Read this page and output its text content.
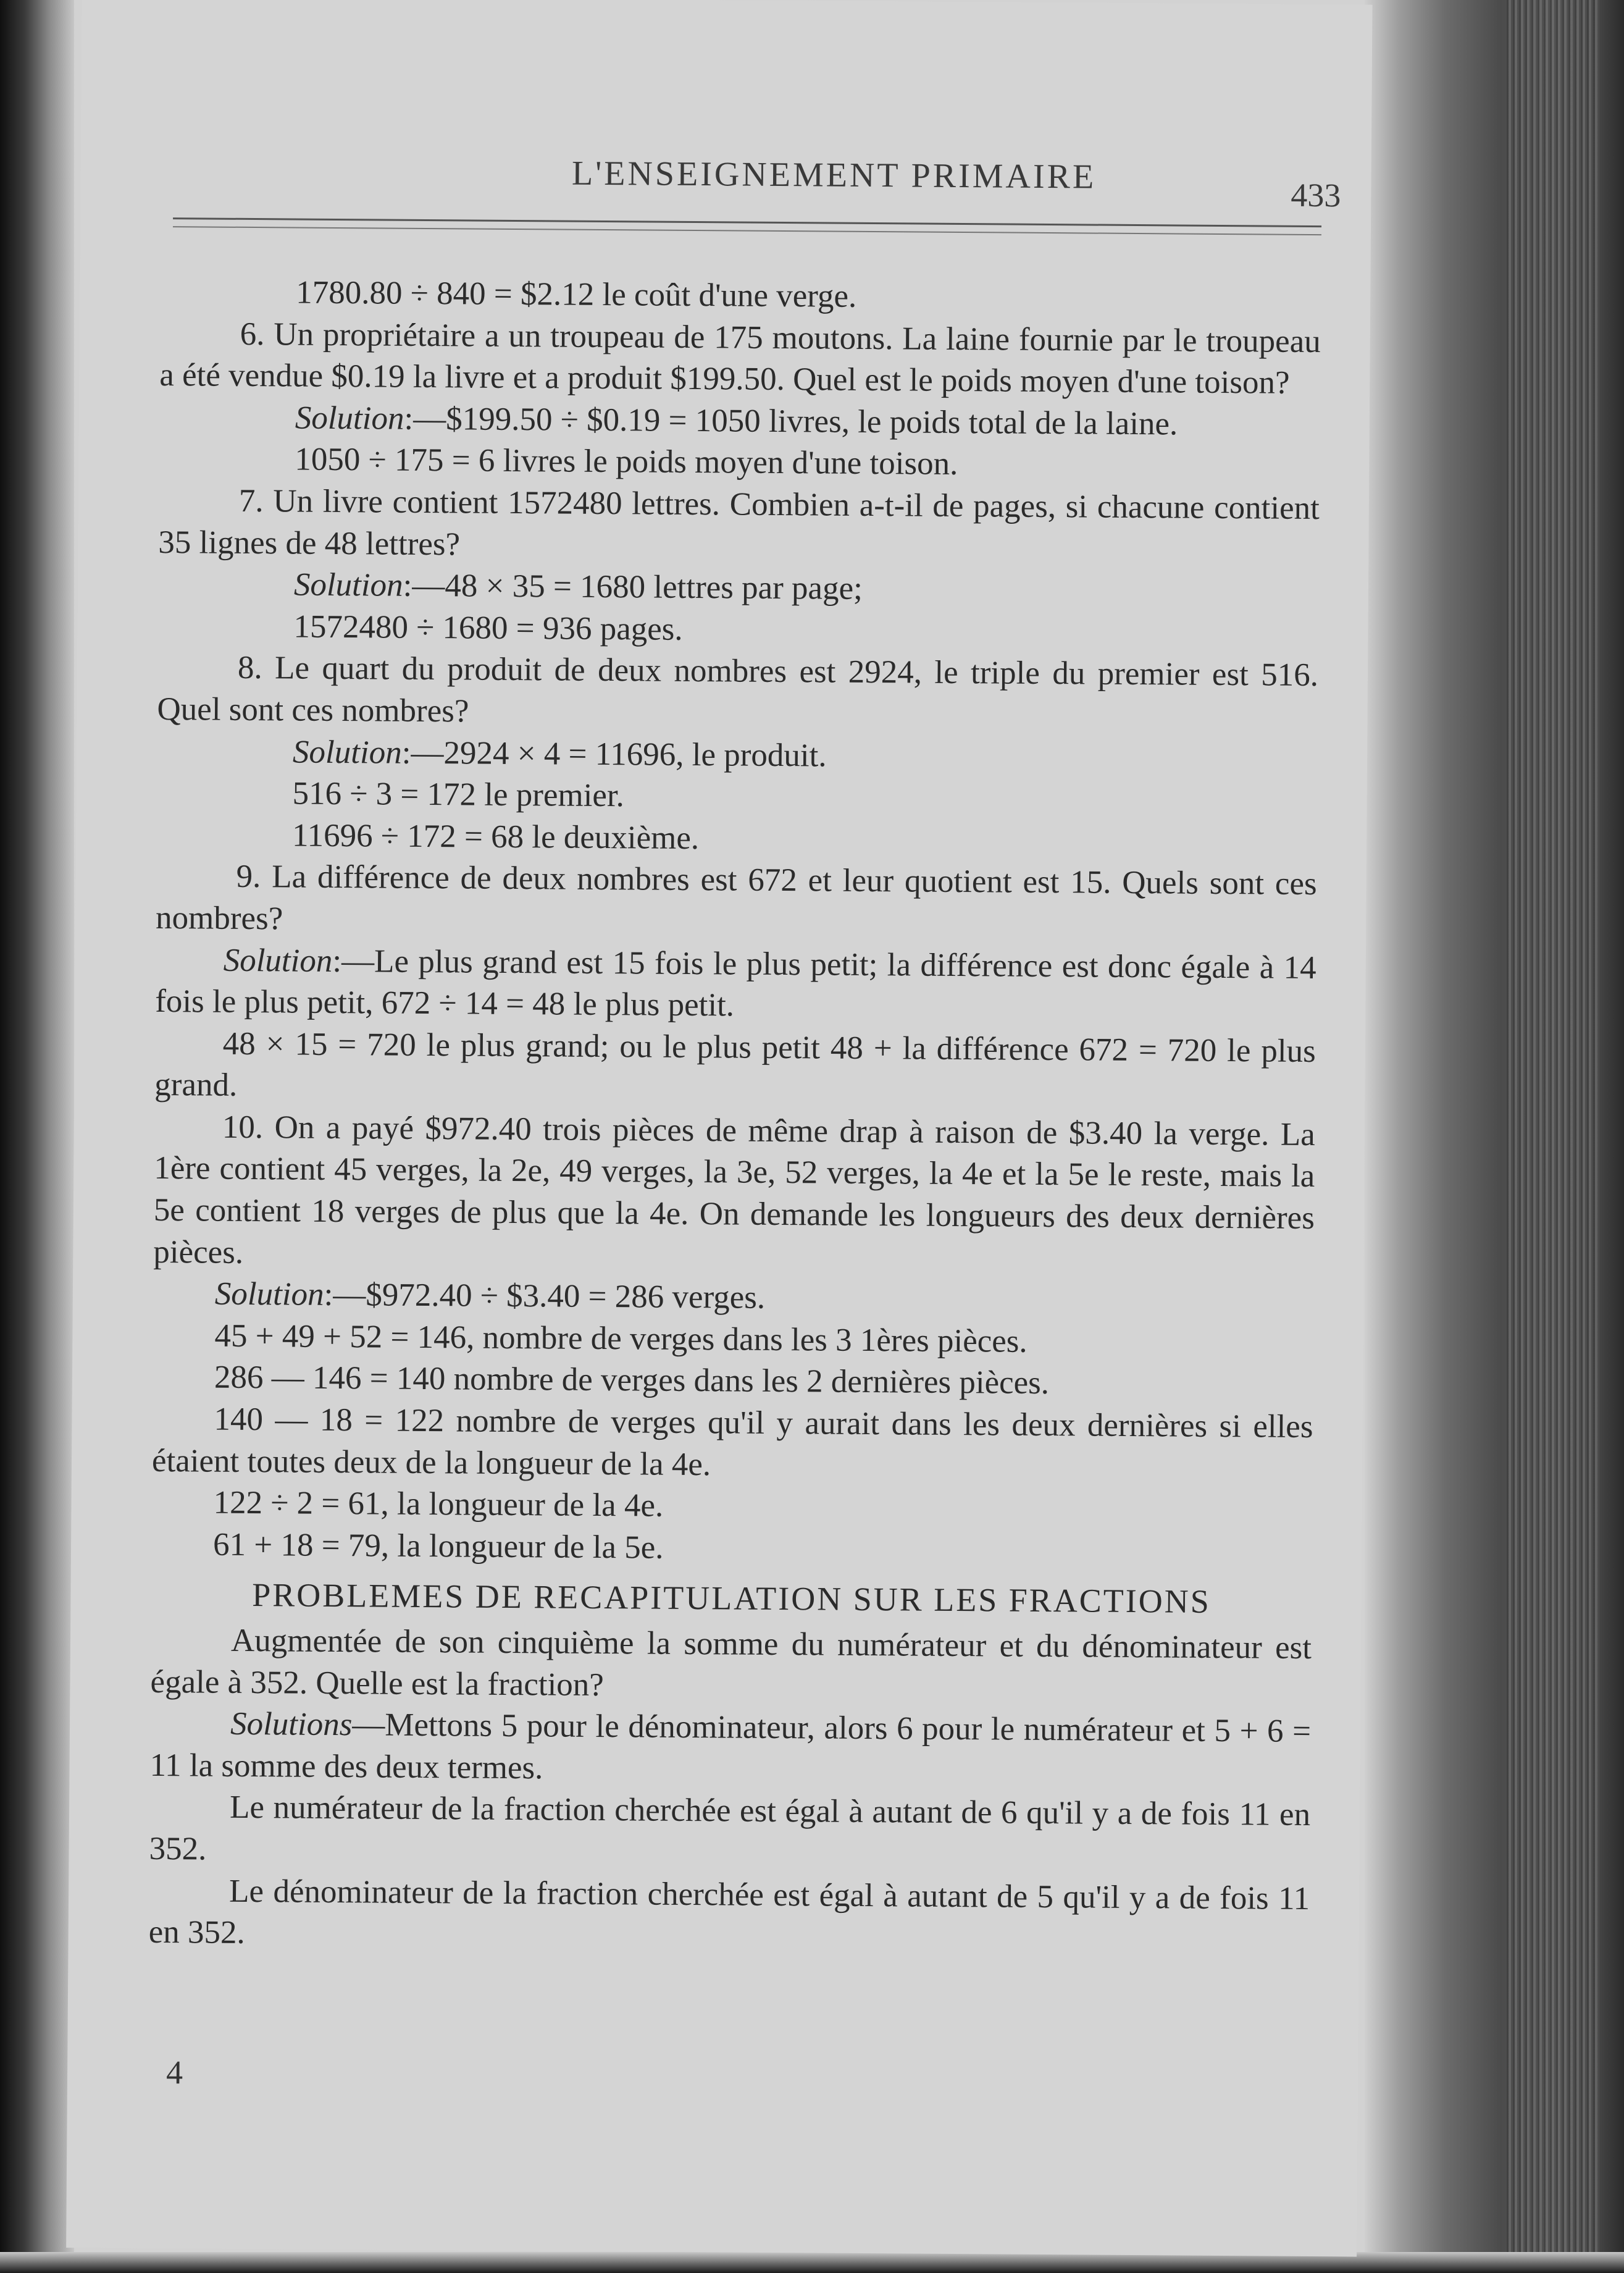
L'ENSEIGNEMENT PRIMAIRE	433

1780.80 ÷ 840 = $2.12 le coût d'une verge.

6. Un propriétaire a un troupeau de 175 moutons. La laine fournie par le troupeau a été vendue $0.19 la livre et a produit $199.50. Quel est le poids moyen d'une toison?

Solution:—$199.50 ÷ $0.19 = 1050 livres, le poids total de la laine.

1050 ÷ 175 = 6 livres le poids moyen d'une toison.

7. Un livre contient 1572480 lettres. Combien a-t-il de pages, si chacune contient 35 lignes de 48 lettres?

Solution:—48 × 35 = 1680 lettres par page;

1572480 ÷ 1680 = 936 pages.

8. Le quart du produit de deux nombres est 2924, le triple du premier est 516. Quel sont ces nombres?

Solution:—2924 × 4 = 11696, le produit.

516 ÷ 3 = 172 le premier.

11696 ÷ 172 = 68 le deuxième.

9. La différence de deux nombres est 672 et leur quotient est 15. Quels sont ces nombres?

Solution:—Le plus grand est 15 fois le plus petit; la différence est donc égale à 14 fois le plus petit, 672 ÷ 14 = 48 le plus petit.

48 × 15 = 720 le plus grand; ou le plus petit 48 + la différence 672 = 720 le plus grand.

10. On a payé $972.40 trois pièces de même drap à raison de $3.40 la verge. La 1ère contient 45 verges, la 2e, 49 verges, la 3e, 52 verges, la 4e et la 5e le reste, mais la 5e contient 18 verges de plus que la 4e. On demande les longueurs des deux dernières pièces.

Solution:—$972.40 ÷ $3.40 = 286 verges.

45 + 49 + 52 = 146, nombre de verges dans les 3 1ères pièces.

286 — 146 = 140 nombre de verges dans les 2 dernières pièces.

140 — 18 = 122 nombre de verges qu'il y aurait dans les deux dernières si elles étaient toutes deux de la longueur de la 4e.

122 ÷ 2 = 61, la longueur de la 4e.

61 + 18 = 79, la longueur de la 5e.

PROBLEMES DE RECAPITULATION SUR LES FRACTIONS

Augmentée de son cinquième la somme du numérateur et du dénominateur est égale à 352. Quelle est la fraction?

Solutions—Mettons 5 pour le dénominateur, alors 6 pour le numérateur et 5 + 6 = 11 la somme des deux termes.

Le numérateur de la fraction cherchée est égal à autant de 6 qu'il y a de fois 11 en 352.

Le dénominateur de la fraction cherchée est égal à autant de 5 qu'il y a de fois 11 en 352.

4
